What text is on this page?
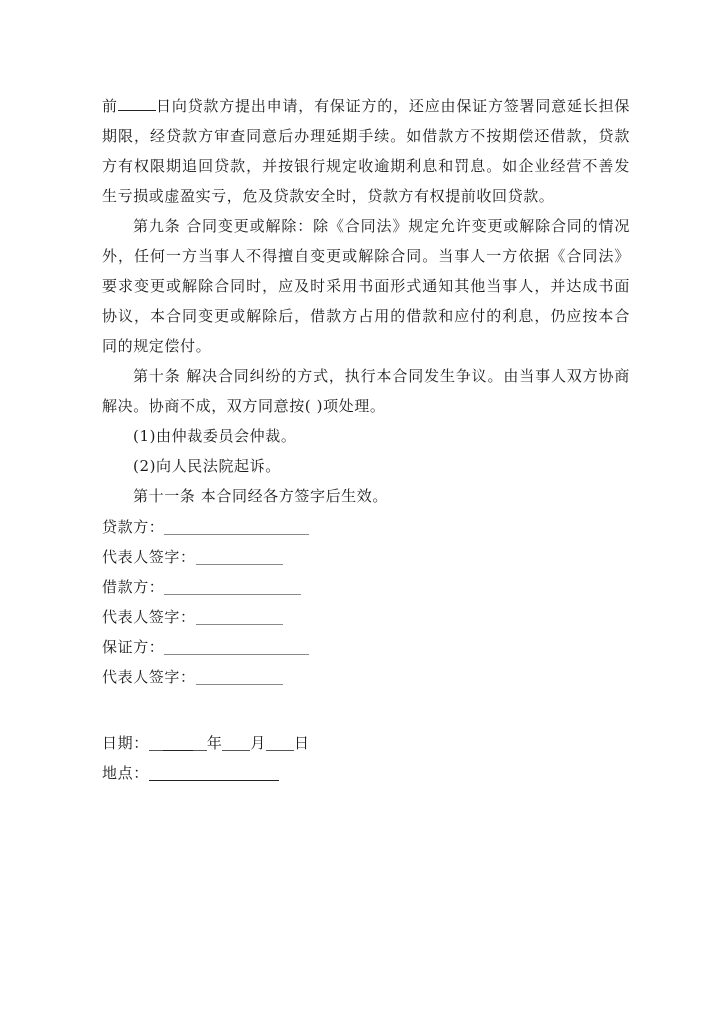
前	日向贷款方提出申请，有保证方的，还应由保证方签署同意延长担保期限，经贷款方审查同意后办理延期手续。如借款方不按期偿还借款，贷款方有权限期追回贷款，并按银行规定收逾期利息和罚息。如企业经营不善发生亏损或虚盈实亏，危及贷款安全时，贷款方有权提前收回贷款。

第九条 合同变更或解除：除《合同法》规定允许变更或解除合同的情况外，任何一方当事人不得擅自变更或解除合同。当事人一方依据《合同法》要求变更或解除合同时，应及时采用书面形式通知其他当事人，并达成书面协议，本合同变更或解除后，借款方占用的借款和应付的利息，仍应按本合同的规定偿付。

第十条 解决合同纠纷的方式，执行本合同发生争议。由当事人双方协商解决。协商不成，双方同意按( )项处理。

(1)由仲裁委员会仲裁。

(2)向人民法院起诉。

第十一条 本合同经各方签字后生效。

贷款方：
代表人签字：
借款方：
代表人签字：
保证方：
代表人签字：
日期：	年 月 日
地点：
